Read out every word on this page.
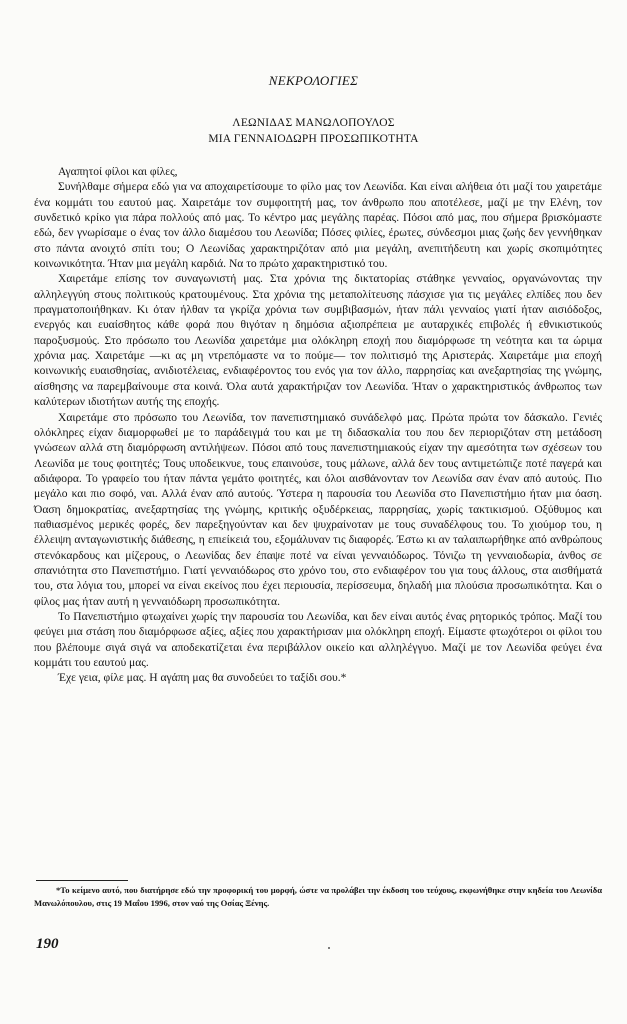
ΝΕΚΡΟΛΟΓΙΕΣ
ΛΕΩΝΙΔΑΣ ΜΑΝΩΛΟΠΟΥΛΟΣ
ΜΙΑ ΓΕΝΝΑΙΟΔΩΡΗ ΠΡΟΣΩΠΙΚΟΤΗΤΑ

Αγαπητοί φίλοι και φίλες,

Συνήλθαμε σήμερα εδώ για να αποχαιρετίσουμε το φίλο μας τον Λεωνίδα. Και είναι αλήθεια ότι μαζί του χαιρετάμε ένα κομμάτι του εαυτού μας. Χαιρετάμε τον συμφοιτητή μας, τον άνθρωπο που αποτέλεσε, μαζί με την Ελένη, τον συνδετικό κρίκο για πάρα πολλούς από μας. Το κέντρο μας μεγάλης παρέας. Πόσοι από μας, που σήμερα βρισκόμαστε εδώ, δεν γνωρίσαμε ο ένας τον άλλο διαμέσου του Λεωνίδα; Πόσες φιλίες, έρωτες, σύνδεσμοι μιας ζωής δεν γεννήθηκαν στο πάντα ανοιχτό σπίτι του; Ο Λεωνίδας χαρακτηριζόταν από μια μεγάλη, ανεπιτήδευτη και χωρίς σκοπιμότητες κοινωνικότητα. Ήταν μια μεγάλη καρδιά. Να το πρώτο χαρακτηριστικό του.

Χαιρετάμε επίσης τον συναγωνιστή μας. Στα χρόνια της δικτατορίας στάθηκε γενναίος, οργανώνοντας την αλληλεγγύη στους πολιτικούς κρατουμένους. Στα χρόνια της μεταπολίτευσης πάσχισε για τις μεγάλες ελπίδες που δεν πραγματοποιήθηκαν. Κι όταν ήλθαν τα γκρίζα χρόνια των συμβιβασμών, ήταν πάλι γενναίος γιατί ήταν αισιόδοξος, ενεργός και ευαίσθητος κάθε φορά που θιγόταν η δημόσια αξιοπρέπεια με αυταρχικές επιβολές ή εθνικιστικούς παροξυσμούς. Στο πρόσωπο του Λεωνίδα χαιρετάμε μια ολόκληρη εποχή που διαμόρφωσε τη νεότητα και τα ώριμα χρόνια μας. Χαιρετάμε —κι ας μη ντρεπόμαστε να το πούμε— τον πολιτισμό της Αριστεράς. Χαιρετάμε μια εποχή κοινωνικής ευαισθησίας, ανιδιοτέλειας, ενδιαφέροντος του ενός για τον άλλο, παρρησίας και ανεξαρτησίας της γνώμης, αίσθησης να παρεμβαίνουμε στα κοινά. Όλα αυτά χαρακτήριζαν τον Λεωνίδα. Ήταν ο χαρακτηριστικός άνθρωπος των καλύτερων ιδιοτήτων αυτής της εποχής.

Χαιρετάμε στο πρόσωπο του Λεωνίδα, τον πανεπιστημιακό συνάδελφό μας. Πρώτα πρώτα τον δάσκαλο. Γενιές ολόκληρες είχαν διαμορφωθεί με το παράδειγμά του και με τη διδασκαλία του που δεν περιοριζόταν στη μετάδοση γνώσεων αλλά στη διαμόρφωση αντιλήψεων. Πόσοι από τους πανεπιστημιακούς είχαν την αμεσότητα των σχέσεων του Λεωνίδα με τους φοιτητές; Τους υποδεικνυε, τους επαινούσε, τους μάλωνε, αλλά δεν τους αντιμετώπιζε ποτέ παγερά και αδιάφορα. Το γραφείο του ήταν πάντα γεμάτο φοιτητές, και όλοι αισθάνονταν τον Λεωνίδα σαν έναν από αυτούς. Πιο μεγάλο και πιο σοφό, ναι. Αλλά έναν από αυτούς. Ύστερα η παρουσία του Λεωνίδα στο Πανεπιστήμιο ήταν μια όαση. Όαση δημοκρατίας, ανεξαρτησίας της γνώμης, κριτικής οξυδέρκειας, παρρησίας, χωρίς τακτικισμού. Οξύθυμος και παθιασμένος μερικές φορές, δεν παρεξηγούνταν και δεν ψυχραίνοταν με τους συναδέλφους του. Το χιούμορ του, η έλλειψη ανταγωνιστικής διάθεσης, η επιείκειά του, εξομάλυναν τις διαφορές. Έστω κι αν ταλαιπωρήθηκε από ανθρώπους στενόκαρδους και μίζερους, ο Λεωνίδας δεν έπαψε ποτέ να είναι γενναιόδωρος. Τόνιζω τη γενναιοδωρία, άνθος σε σπανιότητα στο Πανεπιστήμιο. Γιατί γενναιόδωρος στο χρόνο του, στο ενδιαφέρον του για τους άλλους, στα αισθήματά του, στα λόγια του, μπορεί να είναι εκείνος που έχει περιουσία, περίσσευμα, δηλαδή μια πλούσια προσωπικότητα. Και ο φίλος μας ήταν αυτή η γενναιόδωρη προσωπικότητα.

Το Πανεπιστήμιο φτωχαίνει χωρίς την παρουσία του Λεωνίδα, και δεν είναι αυτός ένας ρητορικός τρόπος. Μαζί του φεύγει μια στάση που διαμόρφωσε αξίες, αξίες που χαρακτήρισαν μια ολόκληρη εποχή. Είμαστε φτωχότεροι οι φίλοι του που βλέπουμε σιγά σιγά να αποδεκατίζεται ένα περιβάλλον οικείο και αλληλέγγυο. Μαζί με τον Λεωνίδα φεύγει ένα κομμάτι του εαυτού μας.

Έχε γεια, φίλε μας. Η αγάπη μας θα συνοδεύει το ταξίδι σου.*

*Το κείμενο αυτό, που διατήρησε εδώ την προφορική του μορφή, ώστε να προλάβει την έκδοση του τεύχους, εκφωνήθηκε στην κηδεία του Λεωνίδα Μανωλόπουλου, στις 19 Μαΐου 1996, στον ναό της Οσίας Ξένης.
190
